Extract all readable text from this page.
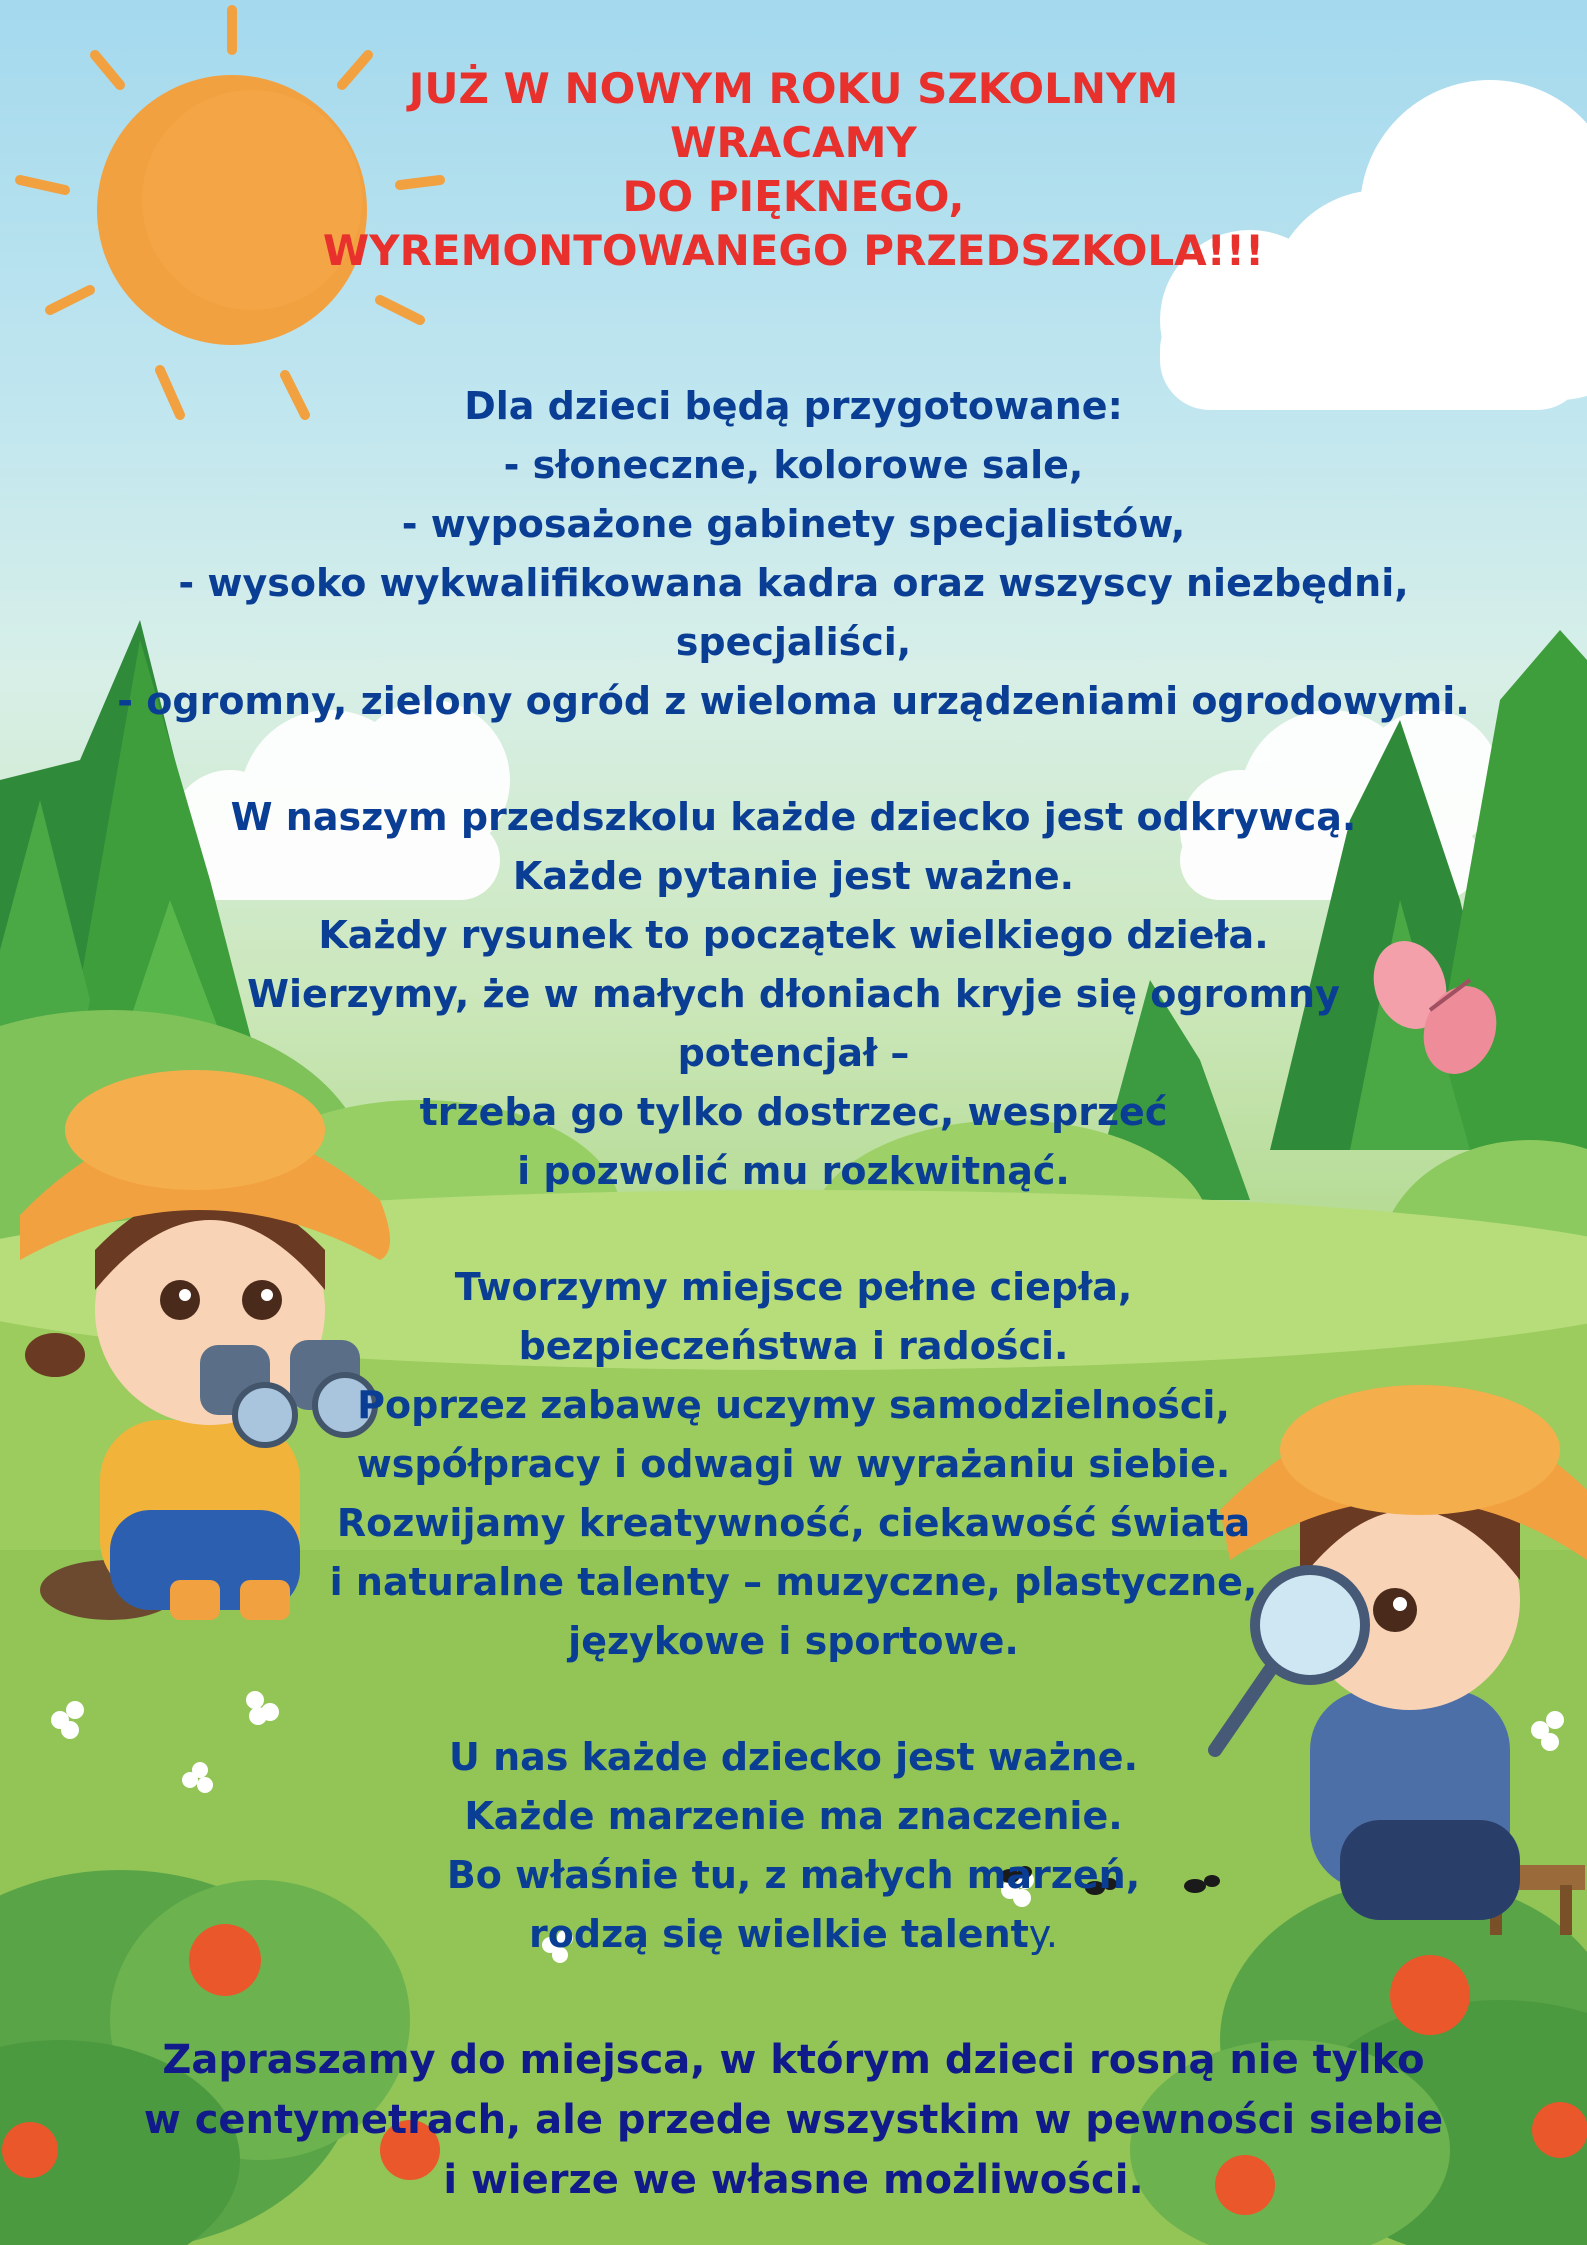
JUŻ W NOWYM ROKU SZKOLNYM
WRACAMY
DO PIĘKNEGO,
WYREMONTOWANEGO PRZEDSZKOLA!!!
Dla dzieci będą przygotowane:
- słoneczne, kolorowe sale,
- wyposażone gabinety specjalistów,
- wysoko wykwalifikowana kadra oraz wszyscy niezbędni,
specjaliści,
- ogromny, zielony ogród z wieloma urządzeniami ogrodowymi.
W naszym przedszkolu każde dziecko jest odkrywcą.
Każde pytanie jest ważne.
Każdy rysunek to początek wielkiego dzieła.
Wierzymy, że w małych dłoniach kryje się ogromny
potencjał –
trzeba go tylko dostrzec, wesprzeć
i pozwolić mu rozkwitnąć.
Tworzymy miejsce pełne ciepła,
bezpieczeństwa i radości.
Poprzez zabawę uczymy samodzielności,
współpracy i odwagi w wyrażaniu siebie.
Rozwijamy kreatywność, ciekawość świata
i naturalne talenty – muzyczne, plastyczne,
językowe i sportowe.
U nas każde dziecko jest ważne.
Każde marzenie ma znaczenie.
Bo właśnie tu, z małych marzeń,
rodzą się wielkie talenty.
Zapraszamy do miejsca, w którym dzieci rosną nie tylko
w centymetrach, ale przede wszystkim w pewności siebie
i wierze we własne możliwości.
